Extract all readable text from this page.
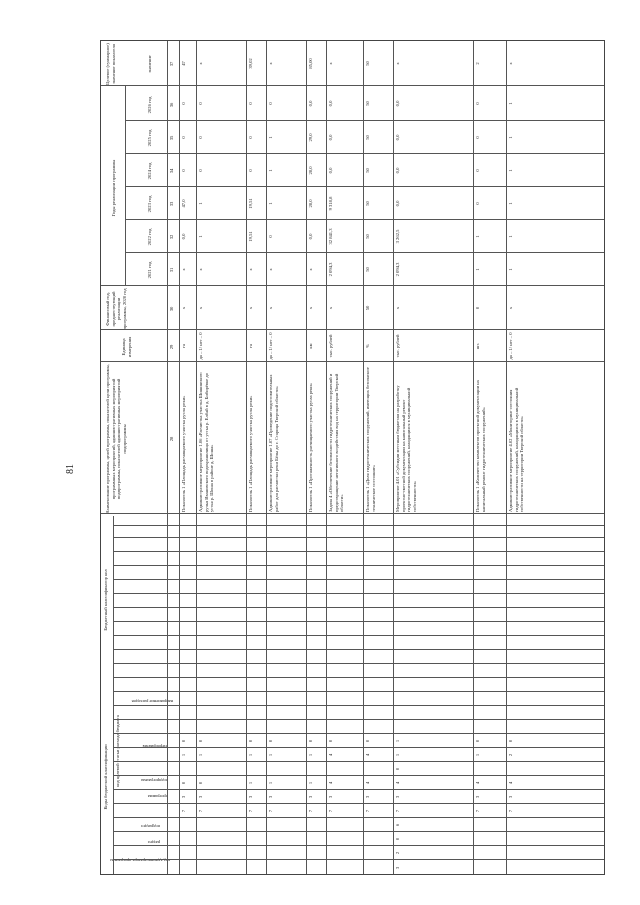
81
Коды бюджетной классификации
Бюджетный классификатор кол
Наименование программы, целей программы, показателей цели программы, программных мероприятий, административных мероприятий подпрограммы, показателей административных мероприятий подпрограммы
Единица измерения
Финансовый год, предшествующий реализации программы, 2020 год
Годы реализации программы
Целевое (суммарное) значение показателя
2021 год
2022 год
2023 год
2024 год
2025 год
2026 год
значение
код администратора программы
раздел
подраздел
программа
подпрограмма
код целевой статьи расхода бюджета	Мероприятия
направление расходов
28
29
30
31
32
33
34
35
36
37
Показатель 1 «Площадь расчищаемого участка русла реки»
га
х
х
0,0
47,0
0
0
0
47
7
3
0
1
0
Административное мероприятие 1.06 «Расчистка участка Шишинского ручья Ивановского водохранилища от устья р. Елбай в д. Бибирёвке до устья р. Шоша в районе д. Шоша»
да – 1/ нет – 0
х
х
1
1
0
0
0
х
7
3
0
1
0
Показатель 1 «Площадь расчищаемого участка русла реки»
га
х
х
19,51
19,51
0
0
0
39,02
7
3
1
1
0
Административное мероприятие 1.07 «Проведение подготовительных работ для расчистки реки Бёлы до г. Старица Тверской области»
да – 1/ нет – 0
х
х
0
1
1
1
0
х
7
3
1
1
0
Показатель 1 «Протяженность расчищаемого участка русла реки»
км
х
х
0,0
28,0
28,0
29,0
0,0
85,00
7
3
1
1
0
Задача 4 «Обеспечение безопасности гидротехнических сооружений и предотвращение негативного воздействия вод на территории Тверской области»
тыс. рублей
х
2 094,3
32 841,3
9 318,8
0,0
0,0
0,0
х
7
3
4
4
0
Показатель 1 «Доля гидротехнических сооружений, имеющих безопасное техническое состояние»
%
50
50
50
50
50
50
50
50
7
3
4
4
0
Мероприятие 4.01 «Субсидии местным бюджетам на разработку проектно-сметной документации на капитальный ремонт гидротехнических сооружений, находящихся в муниципальной собственности»
тыс. рублей
х
2 094,3
3 262,5
0,0
0,0
0,0
0,0
х
3
2
0
6
7
3
4
0
1
1
Показатель 1 «Количество комплектов проектной документации на капитальный ремонт гидротехнических сооружений»
шт.
0
1
1
0
0
0
0
2
7
3
4
1
0
Административное мероприятие 4.02 «Мониторинг состояния гидротехнических сооружений, находящихся в муниципальной собственности на территории Тверской области»
да – 1/ нет – 0
х
1
1
1
1
1
1
х
7
3
4
2
0
